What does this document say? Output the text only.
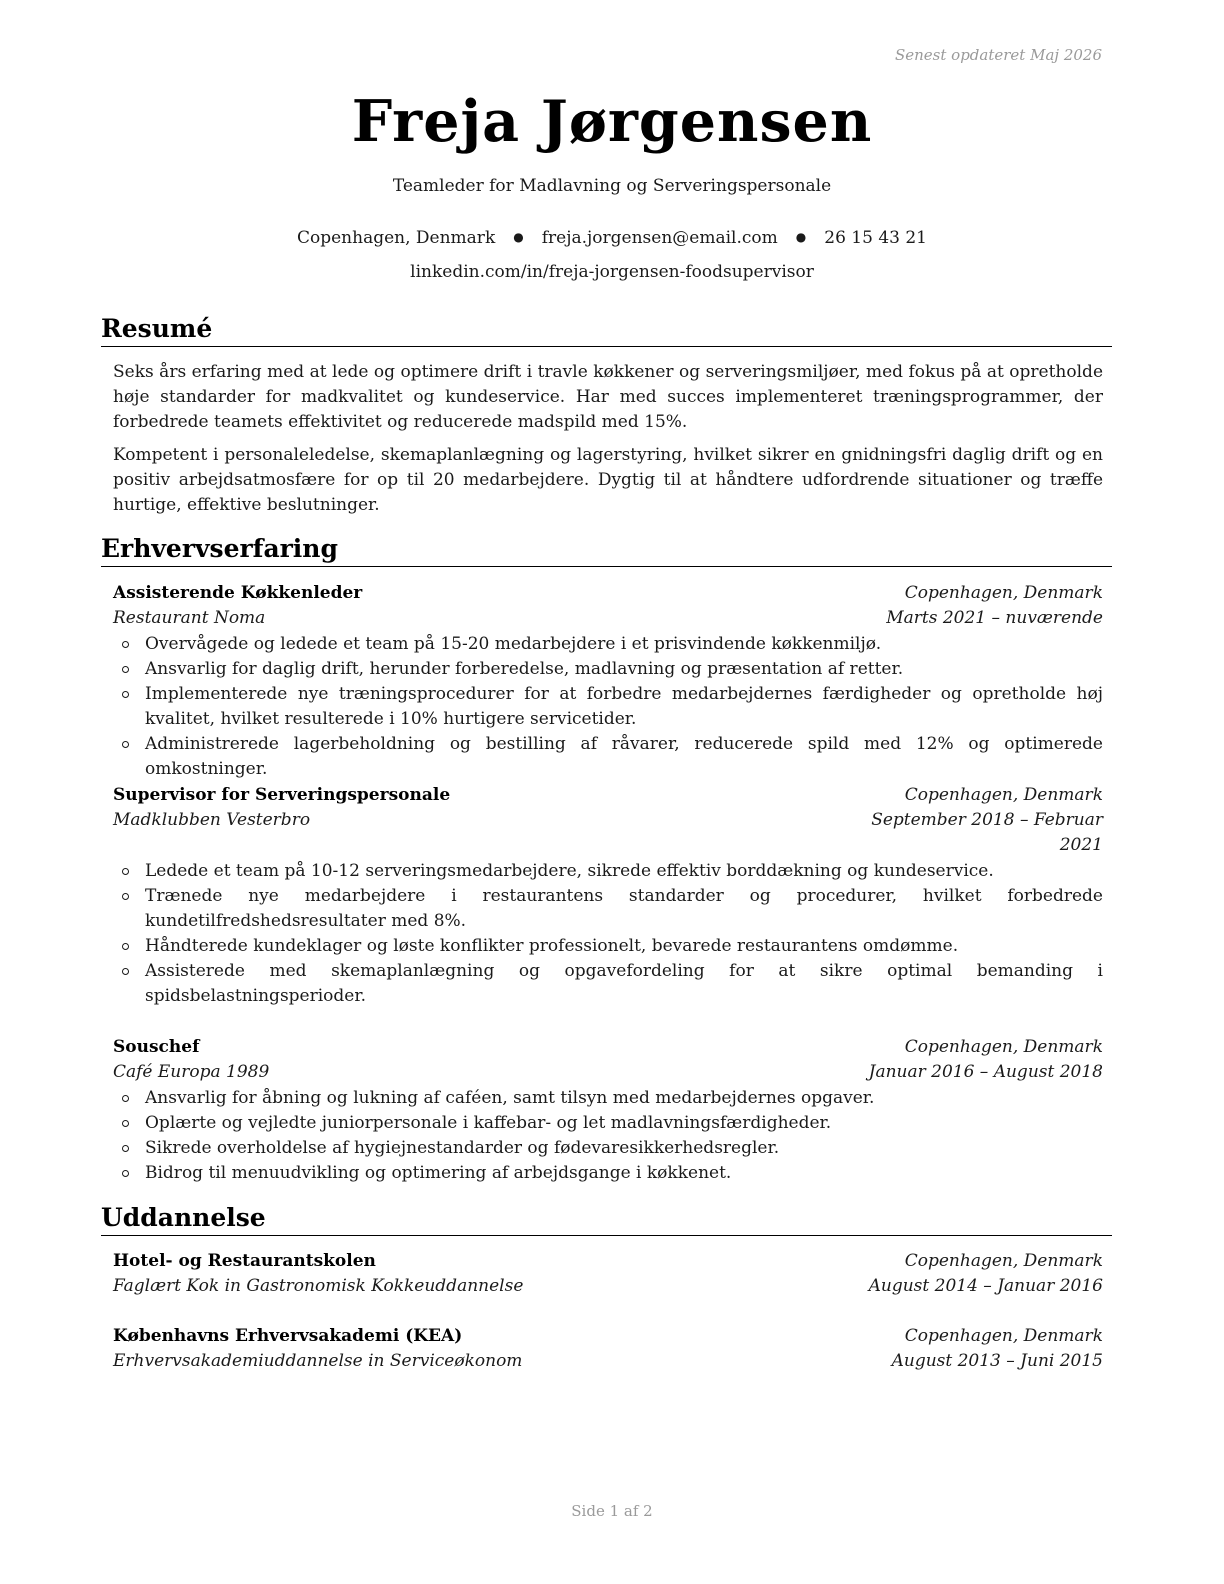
Senest opdateret Maj 2026
Freja Jørgensen
Teamleder for Madlavning og Serveringspersonale
Copenhagen, Denmark ● freja.jorgensen@email.com ● 26 15 43 21
linkedin.com/in/freja-jorgensen-foodsupervisor
Resumé
Seks års erfaring med at lede og optimere drift i travle køkkener og serveringsmiljøer, med fokus på at opretholde høje standarder for madkvalitet og kundeservice. Har med succes implementeret træningsprogrammer, der forbedrede teamets effektivitet og reducerede madspild med 15%.
Kompetent i personaleledelse, skemaplanlægning og lagerstyring, hvilket sikrer en gnidningsfri daglig drift og en positiv arbejdsatmosfære for op til 20 medarbejdere. Dygtig til at håndtere udfordrende situationer og træffe hurtige, effektive beslutninger.
Erhvervserfaring
Assisterende Køkkenleder	Copenhagen, Denmark
Restaurant Noma	Marts 2021 – nuværende
Overvågede og ledede et team på 15-20 medarbejdere i et prisvindende køkkenmiljø.
Ansvarlig for daglig drift, herunder forberedelse, madlavning og præsentation af retter.
Implementerede nye træningsprocedurer for at forbedre medarbejdernes færdigheder og opretholde høj kvalitet, hvilket resulterede i 10% hurtigere servicetider.
Administrerede lagerbeholdning og bestilling af råvarer, reducerede spild med 12% og optimerede omkostninger.
Supervisor for Serveringspersonale	Copenhagen, Denmark
Madklubben Vesterbro	September 2018 – Februar
2021
Ledede et team på 10-12 serveringsmedarbejdere, sikrede effektiv borddækning og kundeservice.
Trænede nye medarbejdere i restaurantens standarder og procedurer, hvilket forbedrede kundetilfredshedsresultater med 8%.
Håndterede kundeklager og løste konflikter professionelt, bevarede restaurantens omdømme.
Assisterede med skemaplanlægning og opgavefordeling for at sikre optimal bemanding i spidsbelastningsperioder.
Souschef	Copenhagen, Denmark
Café Europa 1989	Januar 2016 – August 2018
Ansvarlig for åbning og lukning af caféen, samt tilsyn med medarbejdernes opgaver.
Oplærte og vejledte juniorpersonale i kaffebar- og let madlavningsfærdigheder.
Sikrede overholdelse af hygiejnestandarder og fødevaresikkerhedsregler.
Bidrog til menuudvikling og optimering af arbejdsgange i køkkenet.
Uddannelse
Hotel- og Restaurantskolen	Copenhagen, Denmark
Faglært Kok in Gastronomisk Kokkeuddannelse	August 2014 – Januar 2016
Københavns Erhvervsakademi (KEA)	Copenhagen, Denmark
Erhvervsakademiuddannelse in Serviceøkonom	August 2013 – Juni 2015
Side 1 af 2
